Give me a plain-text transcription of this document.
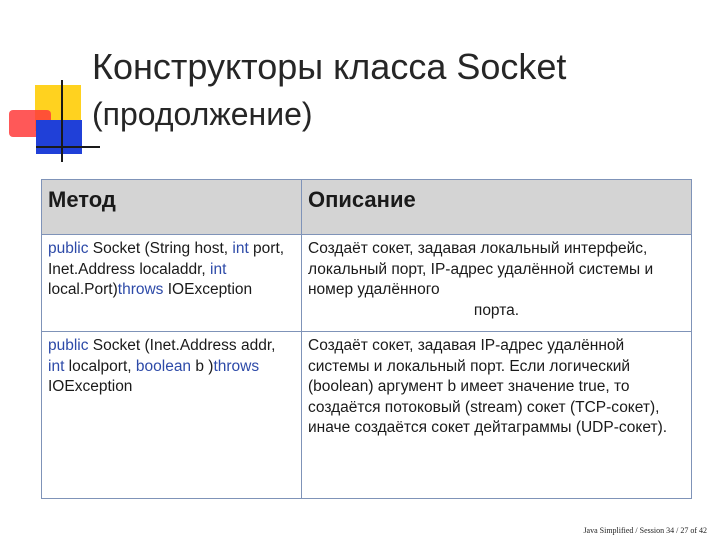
Конструкторы класса Socket
(продолжение)
Метод	Описание
public Socket (String host, int port, Inet.Address localaddr, int local.Port)throws IOException	Создаёт сокет, задавая локальный интерфейс, локальный порт, IP-адрес удалённой системы и номер удалённого
порта.

public Socket (Inet.Address addr, int localport, boolean b )throws IOException	Создаёт сокет, задавая IP-адрес удалённой системы и локальный порт. Если логический (boolean) аргумент b имеет значение true, то создаётся потоковый (stream) сокет (TCP-сокет), иначе создаётся сокет дейтаграммы (UDP-сокет).
Java Simplified / Session 34 / 27 of 42
